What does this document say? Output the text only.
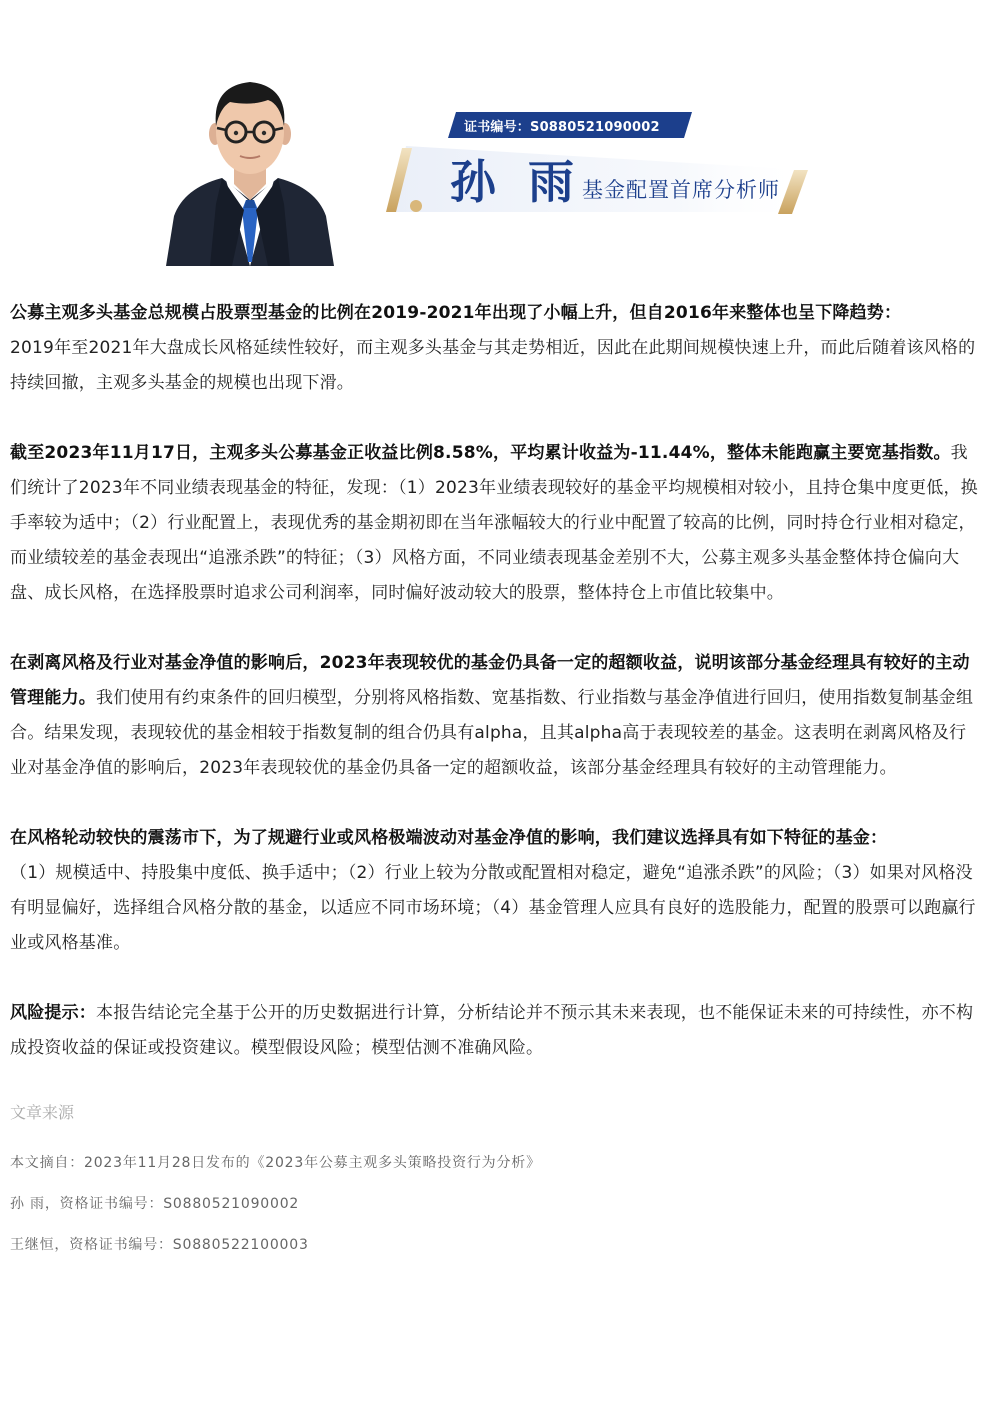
证书编号：S0880521090002
孙 雨 基金配置首席分析师

公募主观多头基金总规模占股票型基金的比例在2019-2021年出现了小幅上升，但自2016年来整体也呈下降趋势：
2019年至2021年大盘成长风格延续性较好，而主观多头基金与其走势相近，因此在此期间规模快速上升，而此后随着该风格的持续回撤，主观多头基金的规模也出现下滑。

截至2023年11月17日，主观多头公募基金正收益比例8.58%，平均累计收益为-11.44%，整体未能跑赢主要宽基指数。我们统计了2023年不同业绩表现基金的特征，发现：（1）2023年业绩表现较好的基金平均规模相对较小，且持仓集中度更低，换手率较为适中；（2）行业配置上，表现优秀的基金期初即在当年涨幅较大的行业中配置了较高的比例，同时持仓行业相对稳定，而业绩较差的基金表现出“追涨杀跌”的特征；（3）风格方面，不同业绩表现基金差别不大，公募主观多头基金整体持仓偏向大盘、成长风格，在选择股票时追求公司利润率，同时偏好波动较大的股票，整体持仓上市值比较集中。

在剥离风格及行业对基金净值的影响后，2023年表现较优的基金仍具备一定的超额收益，说明该部分基金经理具有较好的主动管理能力。我们使用有约束条件的回归模型，分别将风格指数、宽基指数、行业指数与基金净值进行回归，使用指数复制基金组合。结果发现，表现较优的基金相较于指数复制的组合仍具有alpha，且其alpha高于表现较差的基金。这表明在剥离风格及行业对基金净值的影响后，2023年表现较优的基金仍具备一定的超额收益，该部分基金经理具有较好的主动管理能力。

在风格轮动较快的震荡市下，为了规避行业或风格极端波动对基金净值的影响，我们建议选择具有如下特征的基金：
（1）规模适中、持股集中度低、换手适中；（2）行业上较为分散或配置相对稳定，避免“追涨杀跌”的风险；（3）如果对风格没有明显偏好，选择组合风格分散的基金，以适应不同市场环境；（4）基金管理人应具有良好的选股能力，配置的股票可以跑赢行业或风格基准。

风险提示：本报告结论完全基于公开的历史数据进行计算，分析结论并不预示其未来表现，也不能保证未来的可持续性，亦不构成投资收益的保证或投资建议。模型假设风险；模型估测不准确风险。

文章来源

本文摘自：2023年11月28日发布的《2023年公募主观多头策略投资行为分析》

孙 雨，资格证书编号：S0880521090002

王继恒，资格证书编号：S0880522100003
